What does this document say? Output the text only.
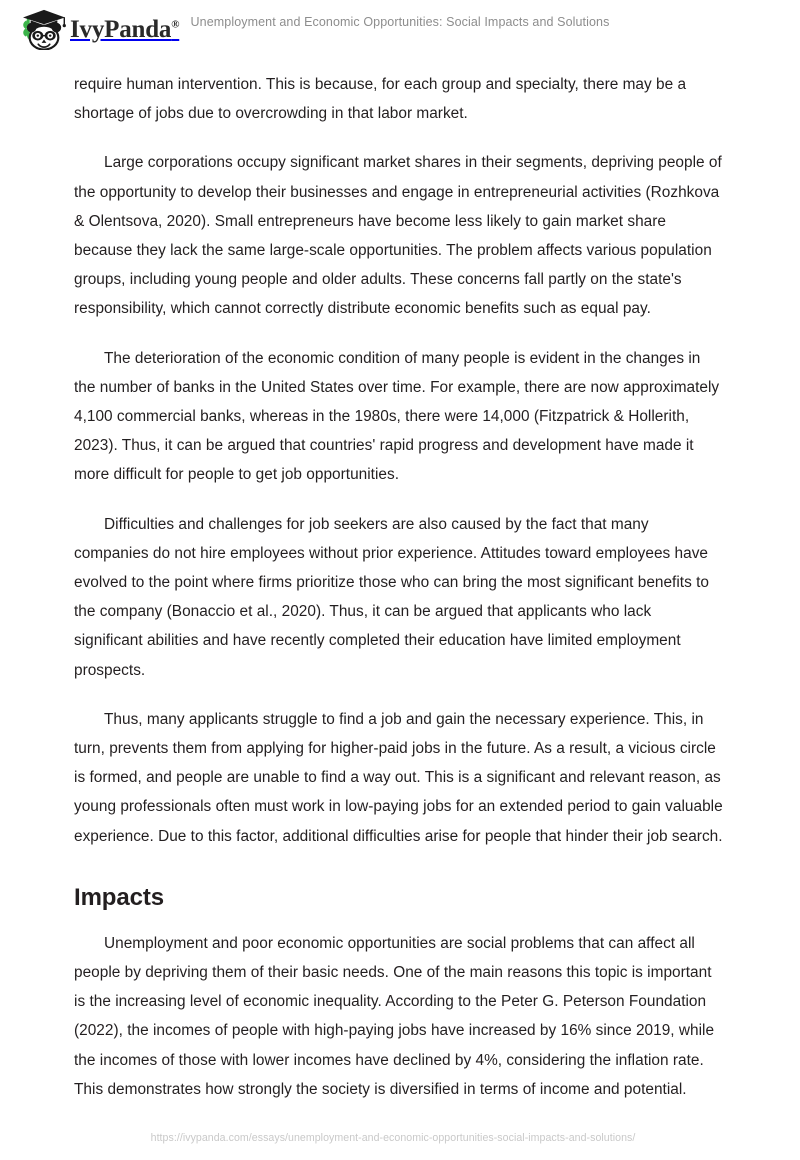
IvyPanda® Unemployment and Economic Opportunities: Social Impacts and Solutions

require human intervention. This is because, for each group and specialty, there may be a shortage of jobs due to overcrowding in that labor market.

Large corporations occupy significant market shares in their segments, depriving people of the opportunity to develop their businesses and engage in entrepreneurial activities (Rozhkova & Olentsova, 2020). Small entrepreneurs have become less likely to gain market share because they lack the same large-scale opportunities. The problem affects various population groups, including young people and older adults. These concerns fall partly on the state's responsibility, which cannot correctly distribute economic benefits such as equal pay.

The deterioration of the economic condition of many people is evident in the changes in the number of banks in the United States over time. For example, there are now approximately 4,100 commercial banks, whereas in the 1980s, there were 14,000 (Fitzpatrick & Hollerith, 2023). Thus, it can be argued that countries' rapid progress and development have made it more difficult for people to get job opportunities.

Difficulties and challenges for job seekers are also caused by the fact that many companies do not hire employees without prior experience. Attitudes toward employees have evolved to the point where firms prioritize those who can bring the most significant benefits to the company (Bonaccio et al., 2020). Thus, it can be argued that applicants who lack significant abilities and have recently completed their education have limited employment prospects.

Thus, many applicants struggle to find a job and gain the necessary experience. This, in turn, prevents them from applying for higher-paid jobs in the future. As a result, a vicious circle is formed, and people are unable to find a way out. This is a significant and relevant reason, as young professionals often must work in low-paying jobs for an extended period to gain valuable experience. Due to this factor, additional difficulties arise for people that hinder their job search.

Impacts

Unemployment and poor economic opportunities are social problems that can affect all people by depriving them of their basic needs. One of the main reasons this topic is important is the increasing level of economic inequality. According to the Peter G. Peterson Foundation (2022), the incomes of people with high-paying jobs have increased by 16% since 2019, while the incomes of those with lower incomes have declined by 4%, considering the inflation rate. This demonstrates how strongly the society is diversified in terms of income and potential.

https://ivypanda.com/essays/unemployment-and-economic-opportunities-social-impacts-and-solutions/
